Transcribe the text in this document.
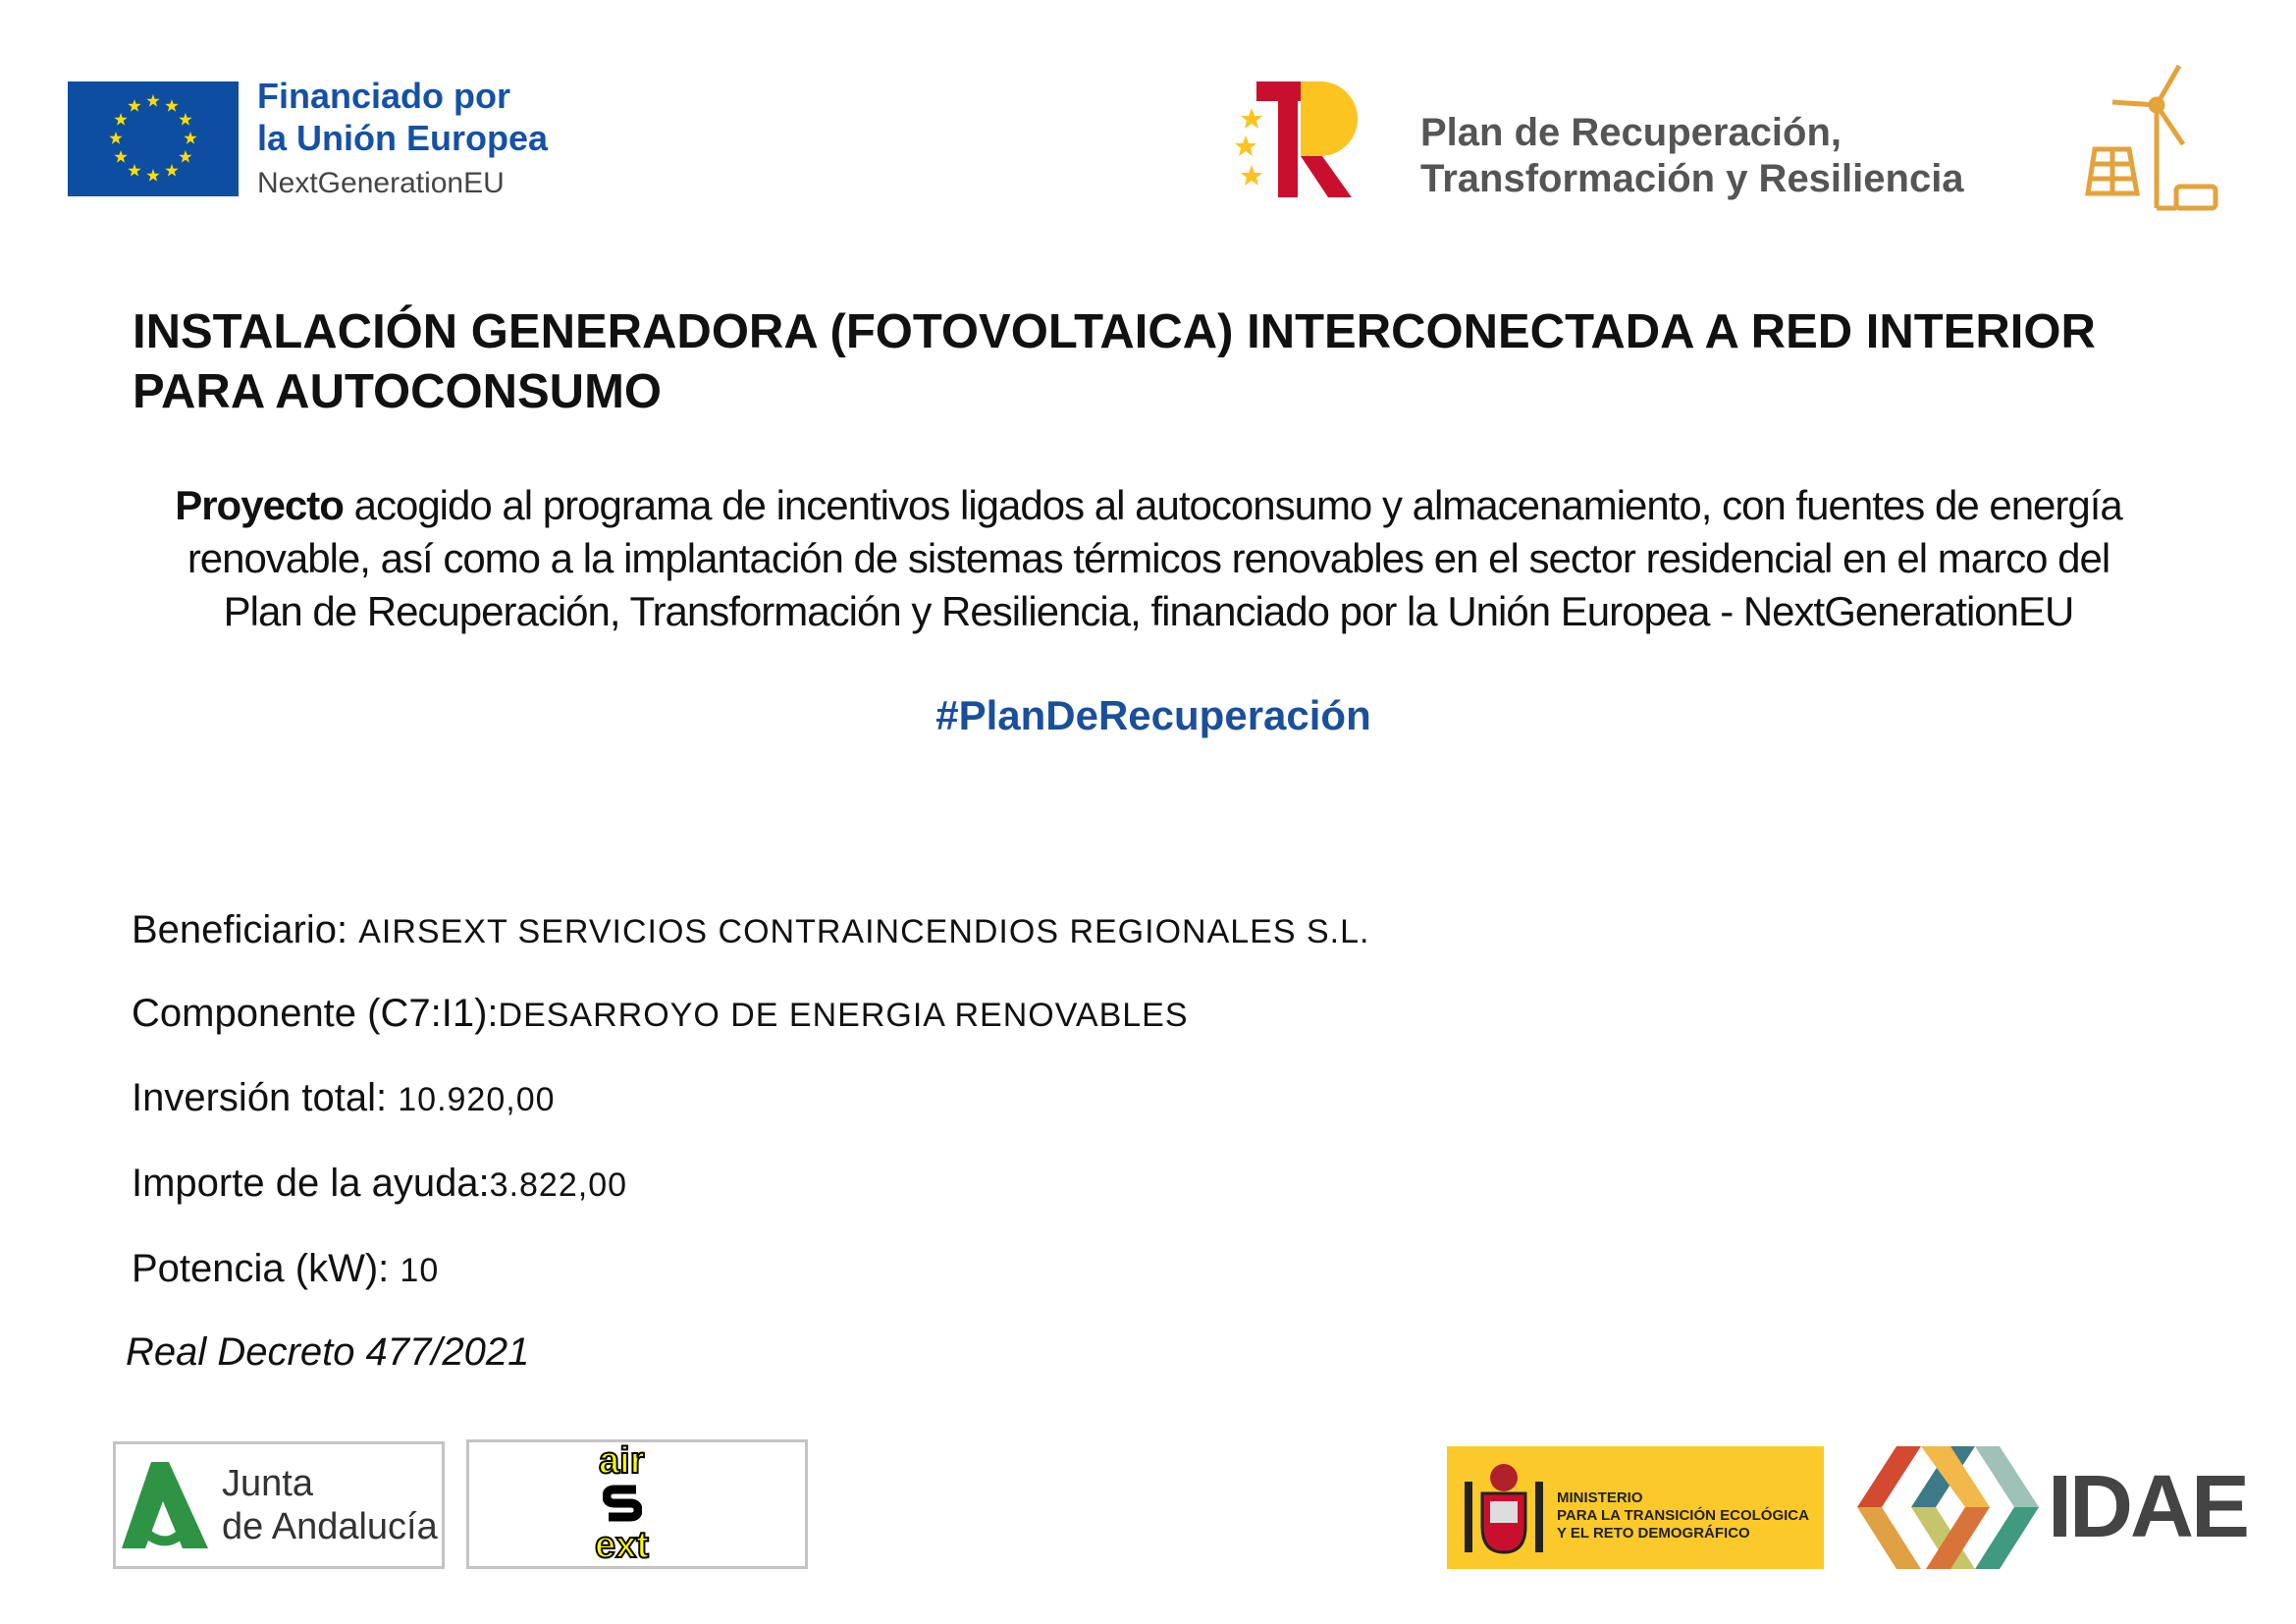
Financiado por
la Unión Europea
NextGenerationEU
Plan de Recuperación,
Transformación y Resiliencia
INSTALACIÓN GENERADORA (FOTOVOLTAICA) INTERCONECTADA A RED INTERIOR
PARA AUTOCONSUMO
Proyecto acogido al programa de incentivos ligados al autoconsumo y almacenamiento, con fuentes de energía
renovable, así como a la implantación de sistemas térmicos renovables en el sector residencial en el marco del
Plan de Recuperación, Transformación y Resiliencia, financiado por la Unión Europea - NextGenerationEU
#PlanDeRecuperación
Beneficiario: AIRSEXT SERVICIOS CONTRAINCENDIOS REGIONALES S.L.
Componente (C7:I1):DESARROYO DE ENERGIA RENOVABLES
Inversión total: 10.920,00
Importe de la ayuda:3.822,00
Potencia (kW): 10
Real Decreto 477/2021
Junta
de Andalucía
air
ext
MINISTERIO
PARA LA TRANSICIÓN ECOLÓGICA
Y EL RETO DEMOGRÁFICO	IDAE
